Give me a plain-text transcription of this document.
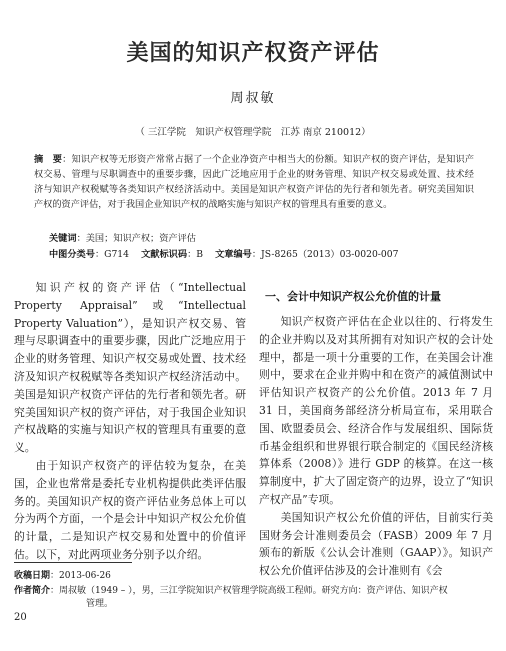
美国的知识产权资产评估
周叔敏
（ 三江学院　知识产权管理学院　江苏 南京 210012）
摘　要：知识产权等无形资产常常占据了一个企业净资产中相当大的份额。知识产权的资产评估，是知识产权交易、管理与尽职调查中的重要步骤，因此广泛地应用于企业的财务管理、知识产权交易或处置、技术经济与知识产权税赋等各类知识产权经济活动中。美国是知识产权资产评估的先行者和领先者。研究美国知识产权的资产评估，对于我国企业知识产权的战略实施与知识产权的管理具有重要的意义。
关键词：美国；知识产权；资产评估
中图分类号：G714　 文献标识码：B　 文章编号：JS-8265（2013）03-0020-007

知识产权的资产评估（“Intellectual Property Appraisal”或“Intellectual Property Valuation”），是知识产权交易、管理与尽职调查中的重要步骤，因此广泛地应用于企业的财务管理、知识产权交易或处置、技术经济及知识产权税赋等各类知识产权经济活动中。美国是知识产权资产评估的先行者和领先者。研究美国知识产权的资产评估，对于我国企业知识产权战略的实施与知识产权的管理具有重要的意义。

由于知识产权资产的评估较为复杂，在美国，企业也常常是委托专业机构提供此类评估服务的。美国知识产权的资产评估业务总体上可以分为两个方面，一个是会计中知识产权公允价值的计量，二是知识产权交易和处置中的价值评估。以下，对此两项业务分别予以介绍。

一、会计中知识产权公允价值的计量

知识产权资产评估在企业以往的、行将发生的企业并购以及对其所拥有对知识产权的会计处理中，都是一项十分重要的工作，在美国会计准则中，要求在企业并购中和在资产的减值测试中评估知识产权资产的公允价值。2013 年 7 月 31 日，美国商务部经济分析局宣布，采用联合国、欧盟委员会、经济合作与发展组织、国际货币基金组织和世界银行联合制定的《国民经济核算体系（2008）》进行 GDP 的核算。在这一核算制度中，扩大了固定资产的边界，设立了“知识产权产品”专项。

美国知识产权公允价值的评估，目前实行美国财务会计准则委员会（FASB）2009 年 7 月颁布的新版《公认会计准则（GAAP）》。知识产权公允价值评估涉及的会计准则有《会

收稿日期：2013-06-26
作者简介：周叔敏（1949 – ），男，三江学院知识产权管理学院高级工程师。研究方向：资产评估、知识产权
管理。
20
